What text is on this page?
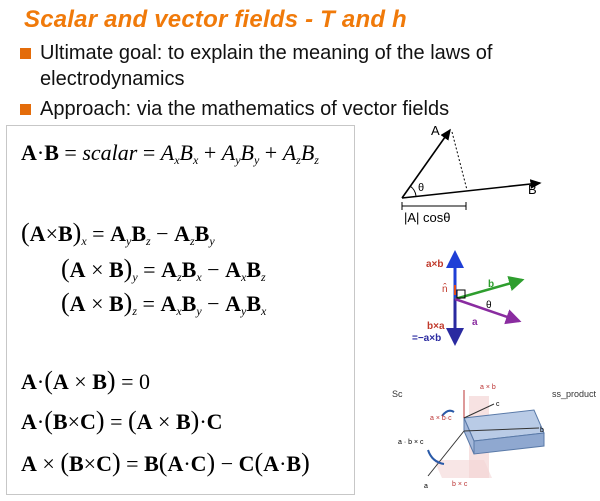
Scalar and vector fields - T and h
Ultimate goal: to explain the meaning of the laws of
electrodynamics
Approach: via the mathematics of vector fields
A·B = scalar = $A_xB_x + A_yB_y + A_zB_z$
$(A\times B)_x = A_yB_z - A_zB_y$
$(A \times B)_y = A_zB_x - A_xB_z$
$(A \times B)_z = A_xB_y - A_yB_x$
A·(A × B) = 0
A·(B×C) = (A × B)·C
A × (B×C) = B(A·C) − C(A·B)
θ
A
B
|A| cosθ
a×b
n̂	b
θ
a
b×a
=−a×b
Sc	ss_product
a × b
c
a × b·c
b
a · b × c
b × c
a
